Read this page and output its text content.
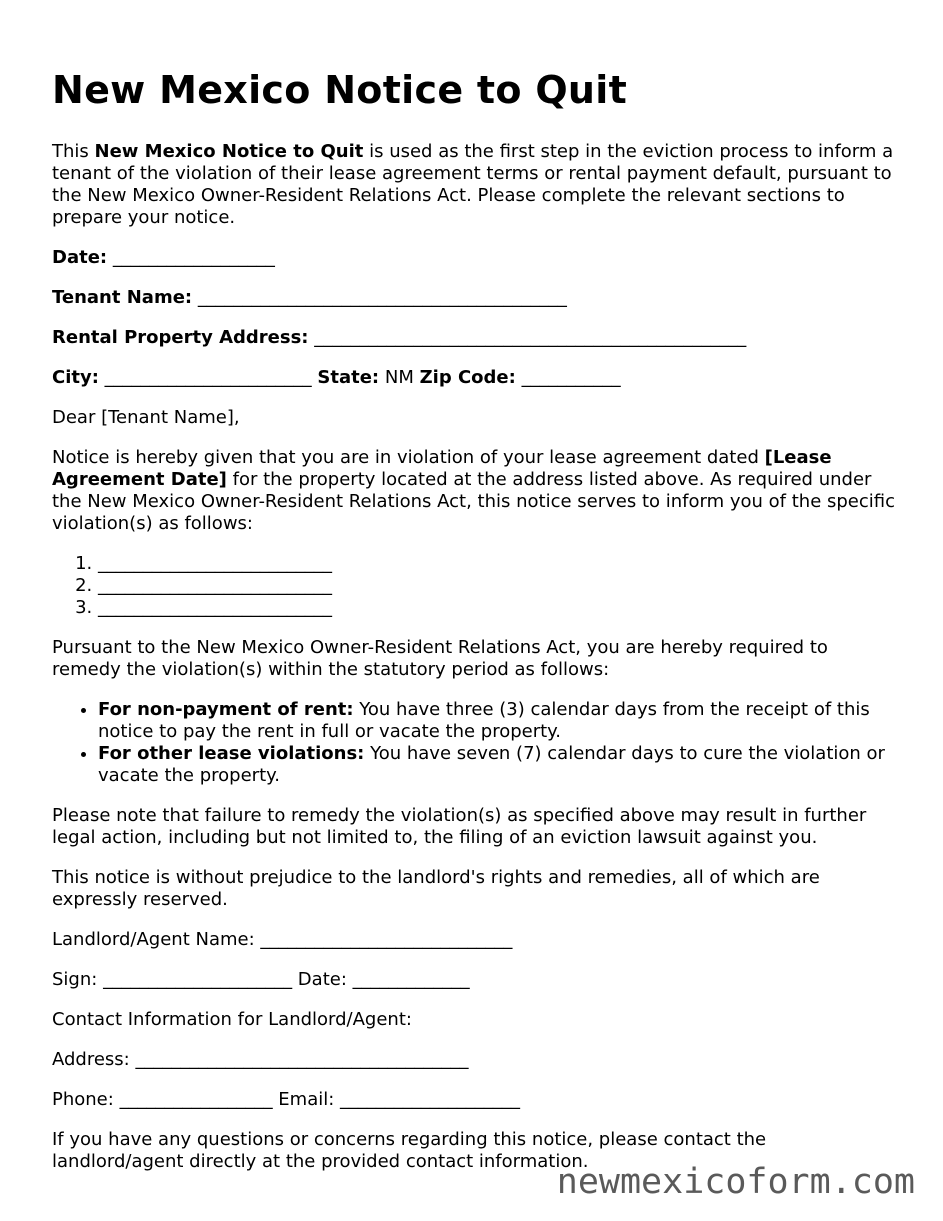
New Mexico Notice to Quit

This New Mexico Notice to Quit is used as the first step in the eviction process to inform a tenant of the violation of their lease agreement terms or rental payment default, pursuant to the New Mexico Owner-Resident Relations Act. Please complete the relevant sections to prepare your notice.

Date: __________________
Tenant Name: _________________________________________
Rental Property Address: ________________________________________________
City: _______________________ State: NM Zip Code: ___________

Dear [Tenant Name],

Notice is hereby given that you are in violation of your lease agreement dated [Lease Agreement Date] for the property located at the address listed above. As required under the New Mexico Owner-Resident Relations Act, this notice serves to inform you of the specific violation(s) as follows:

1. __________________________
2. __________________________
3. __________________________

Pursuant to the New Mexico Owner-Resident Relations Act, you are hereby required to remedy the violation(s) within the statutory period as follows:

• For non-payment of rent: You have three (3) calendar days from the receipt of this notice to pay the rent in full or vacate the property.
• For other lease violations: You have seven (7) calendar days to cure the violation or vacate the property.

Please note that failure to remedy the violation(s) as specified above may result in further legal action, including but not limited to, the filing of an eviction lawsuit against you.

This notice is without prejudice to the landlord's rights and remedies, all of which are expressly reserved.

Landlord/Agent Name: ____________________________
Sign: _____________________ Date: _____________

Contact Information for Landlord/Agent:

Address: _____________________________________
Phone: _________________ Email: ____________________

If you have any questions or concerns regarding this notice, please contact the landlord/agent directly at the provided contact information.

newmexicoform.com
